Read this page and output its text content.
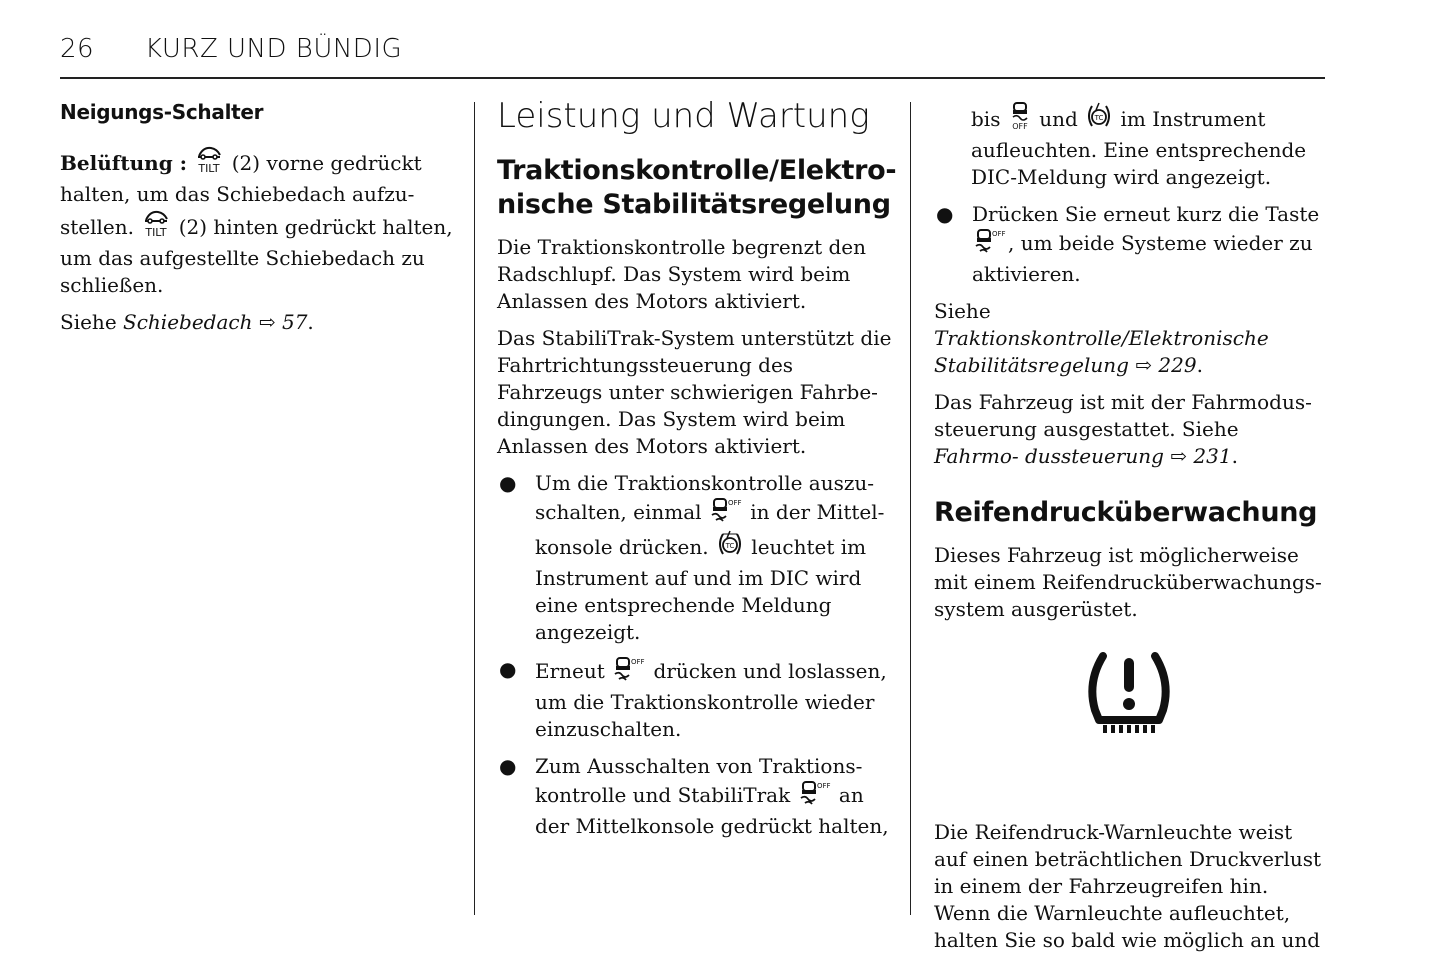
26 KURZ UND BÜNDIG
Neigungs-Schalter

Belüftung : TILT (2) vorne gedrückt halten, um das Schiebedach aufzu- stellen. TILT (2) hinten gedrückt halten, um das aufgestellte Schiebedach zu schließen.

Siehe Schiebedach ⇨ 57.

Leistung und Wartung
Traktionskontrolle/Elektro- nische Stabilitätsregelung

Die Traktionskontrolle begrenzt den Radschlupf. Das System wird beim Anlassen des Motors aktiviert.

Das StabiliTrak-System unterstützt die Fahrtrichtungssteuerung des Fahrzeugs unter schwierigen Fahrbe- dingungen. Das System wird beim Anlassen des Motors aktiviert.

● Um die Traktionskontrolle auszu- schalten, einmal	OFF in der Mittel- konsole drücken. TC leuchtet im Instrument auf und im DIC wird eine entsprechende Meldung angezeigt.
● Erneut	OFF drücken und loslassen, um die Traktionskontrolle wieder einzuschalten.
● Zum Ausschalten von Traktions- kontrolle und StabiliTrak	OFF an der Mittelkonsole gedrückt halten,

bis OFF und TC im Instrument aufleuchten. Eine entsprechende DIC-Meldung wird angezeigt.

● Drücken Sie erneut kurz die Taste
OFF , um beide Systeme wieder zu aktivieren.

Siehe Traktionskontrolle/Elektronische Stabilitätsregelung ⇨ 229.

Das Fahrzeug ist mit der Fahrmodus- steuerung ausgestattet. Siehe Fahrmo- dussteuerung ⇨ 231.

Reifendrucküberwachung

Dieses Fahrzeug ist möglicherweise mit einem Reifendrucküberwachungs- system ausgerüstet.

Die Reifendruck-Warnleuchte weist auf einen beträchtlichen Druckverlust in einem der Fahrzeugreifen hin. Wenn die Warnleuchte aufleuchtet, halten Sie so bald wie möglich an und
